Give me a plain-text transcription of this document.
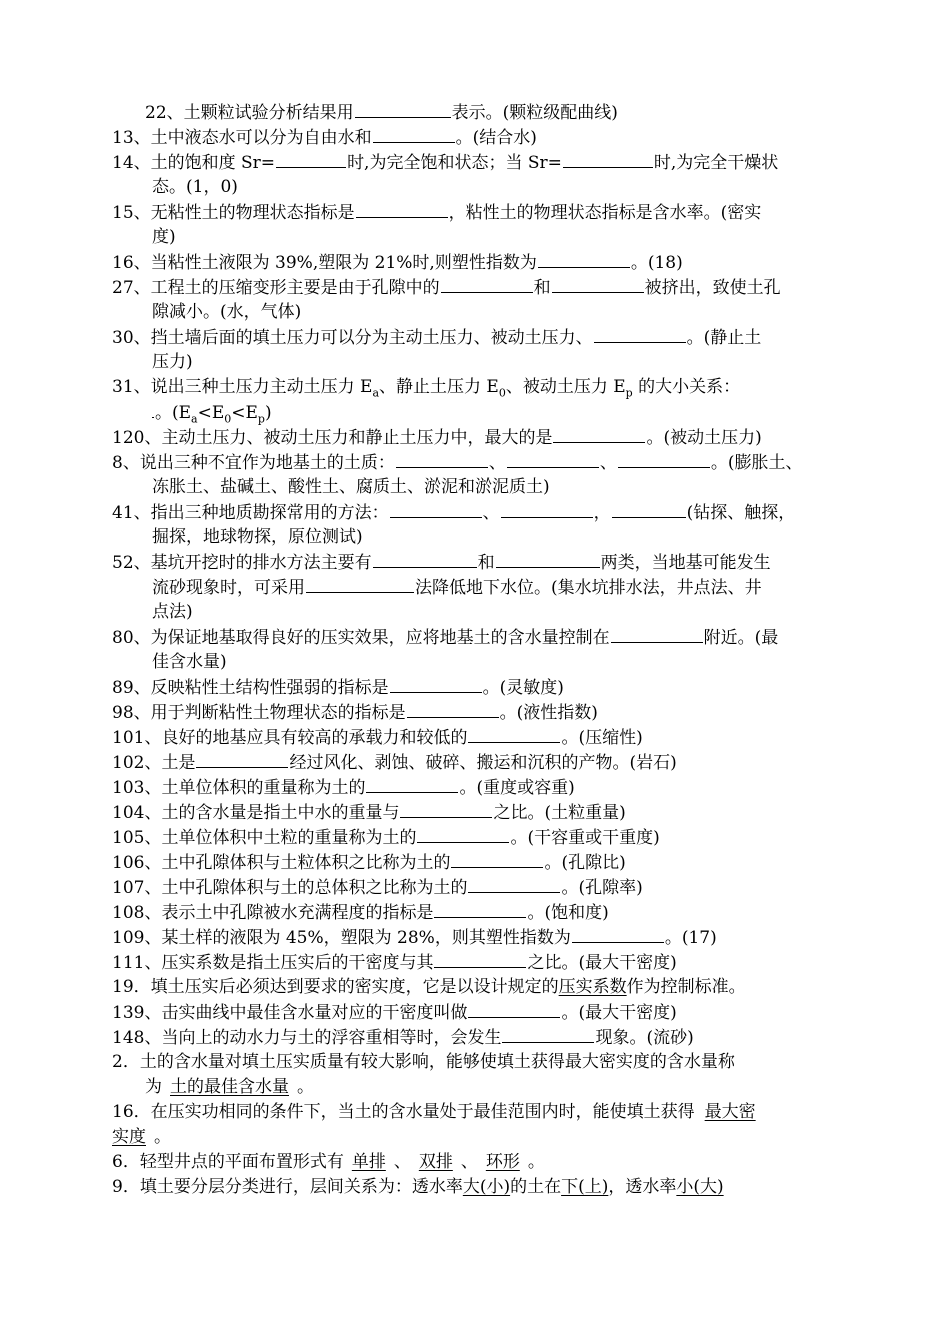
22、土颗粒试验分析结果用	表示。(颗粒级配曲线)
13、土中液态水可以分为自由水和	。(结合水)
14、土的饱和度 Sr=	时,为完全饱和状态；当 Sr=	时,为完全干燥状
态。(1，0)
15、无粘性土的物理状态指标是	，粘性土的物理状态指标是含水率。(密实
度)
16、当粘性土液限为 39%,塑限为 21%时,则塑性指数为	。(18)
27、工程土的压缩变形主要是由于孔隙中的	和	被挤出，致使土孔
隙减小。(水，气体)
30、挡土墙后面的填土压力可以分为主动土压力、被动土压力、	。(静止土
压力)
31、说出三种土压力主动土压力 $E_a$、静止土压力 $E_0$、被动土压力 $E_p$ 的大小关系：
。$(E_a<E_0<E_p)$
120、主动土压力、被动土压力和静止土压力中，最大的是	。(被动土压力)
8、说出三种不宜作为地基土的土质：	、	、	。(膨胀土、
冻胀土、盐碱土、酸性土、腐质土、淤泥和淤泥质土)
41、指出三种地质勘探常用的方法：	、	，	(钻探、触探，
掘探，地球物探，原位测试)
52、基坑开挖时的排水方法主要有	和	两类，当地基可能发生
流砂现象时，可采用	法降低地下水位。(集水坑排水法，井点法、井
点法)
80、为保证地基取得良好的压实效果，应将地基土的含水量控制在	附近。(最
佳含水量)
89、反映粘性土结构性强弱的指标是	。(灵敏度)
98、用于判断粘性土物理状态的指标是	。(液性指数)
101、良好的地基应具有较高的承载力和较低的	。(压缩性)
102、土是	经过风化、剥蚀、破碎、搬运和沉积的产物。(岩石)
103、土单位体积的重量称为土的	。(重度或容重)
104、土的含水量是指土中水的重量与	之比。(土粒重量)
105、土单位体积中土粒的重量称为土的	。(干容重或干重度)
106、土中孔隙体积与土粒体积之比称为土的	。(孔隙比)
107、土中孔隙体积与土的总体积之比称为土的	。(孔隙率)
108、表示土中孔隙被水充满程度的指标是	。(饱和度)
109、某土样的液限为 45%，塑限为 28%，则其塑性指数为	。(17)
111、压实系数是指土压实后的干密度与其	之比。(最大干密度)
19．填土压实后必须达到要求的密实度，它是以设计规定的压实系数作为控制标准。
139、击实曲线中最佳含水量对应的干密度叫做	。(最大干密度)
148、当向上的动水力与土的浮容重相等时，会发生	现象。(流砂)
2．土的含水量对填土压实质量有较大影响，能够使填土获得最大密实度的含水量称
为 土的最佳含水量 。
16．在压实功相同的条件下，当土的含水量处于最佳范围内时，能使填土获得 最大密
实度 。
6．轻型井点的平面布置形式有 单排 、 双排 、 环形 。
9．填土要分层分类进行，层间关系为：透水率大(小)的土在下(上)，透水率小(大)
